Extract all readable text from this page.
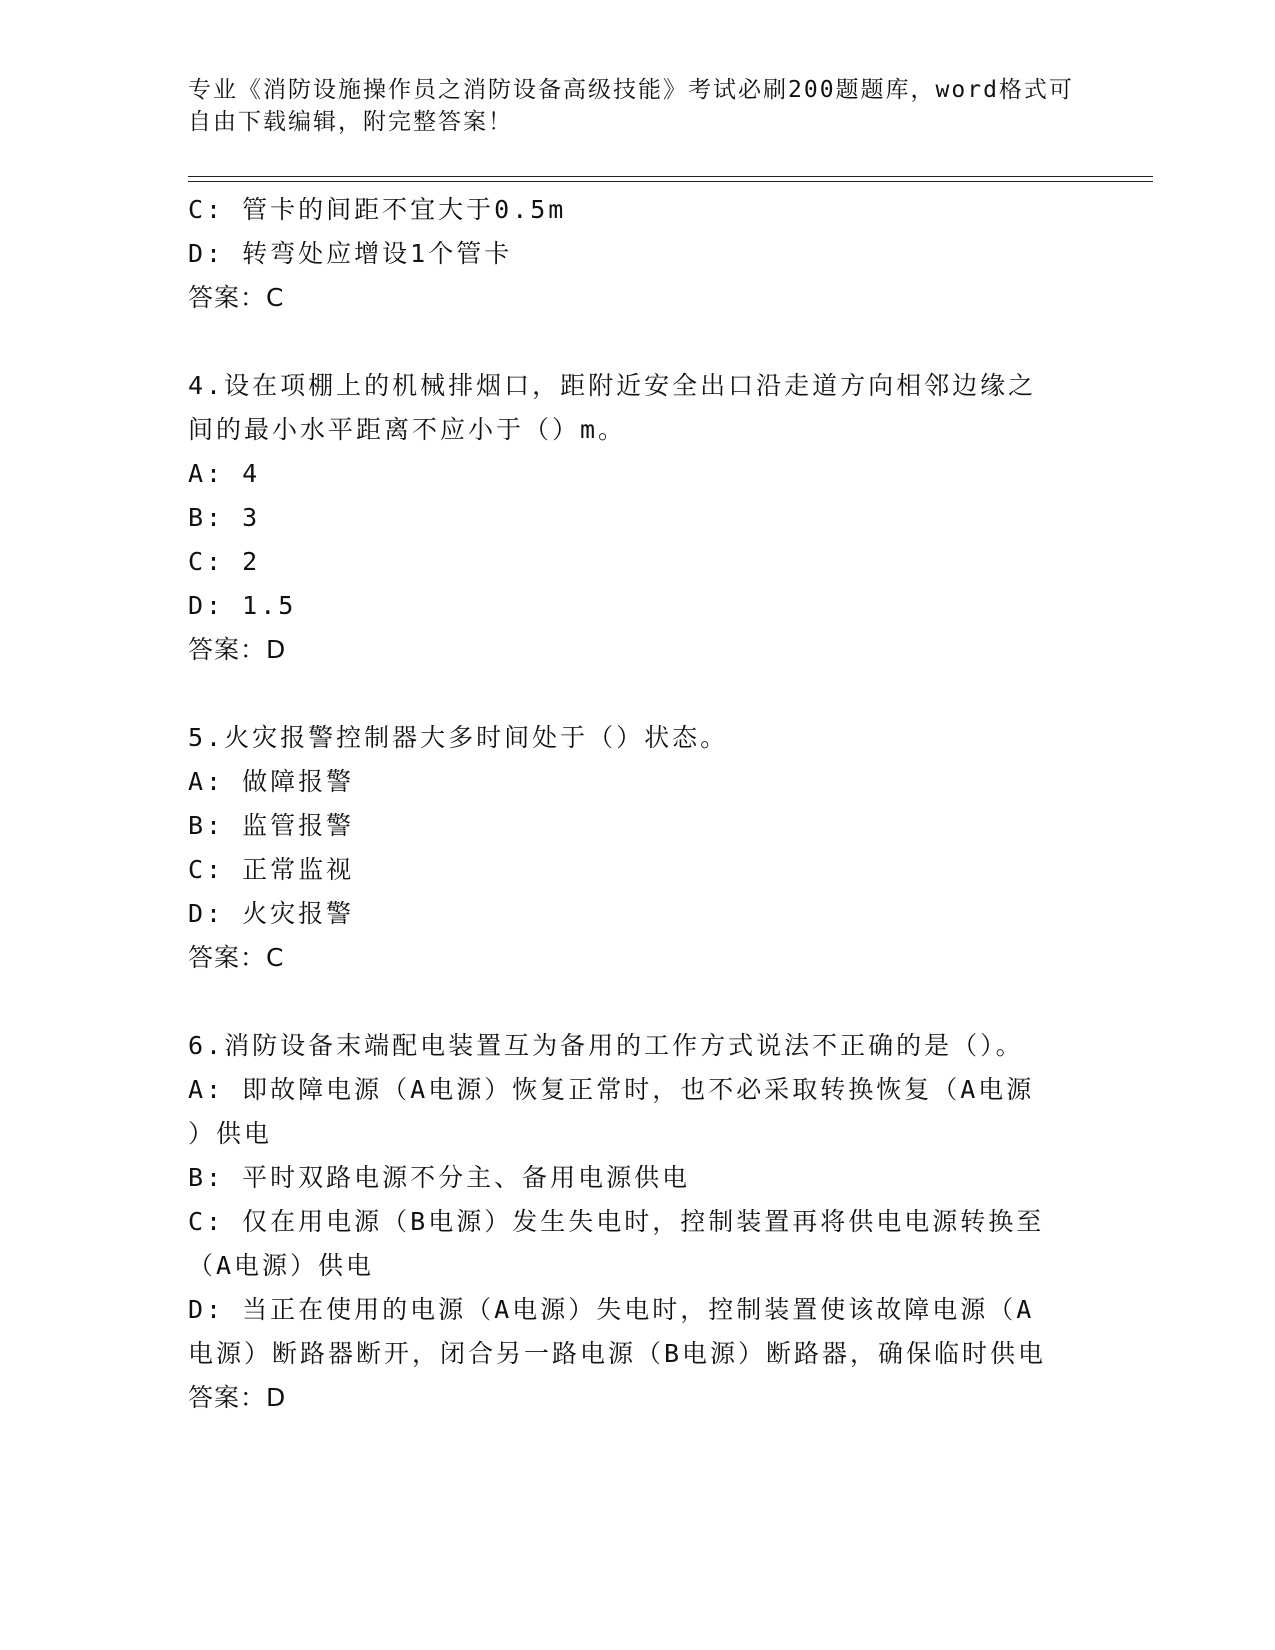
专业《消防设施操作员之消防设备高级技能》考试必刷200题题库，word格式可
自由下载编辑，附完整答案！
C: 管卡的间距不宜大于0.5m
D: 转弯处应增设1个管卡
答案：C
4.设在项棚上的机械排烟口，距附近安全出口沿走道方向相邻边缘之
间的最小水平距离不应小于（）m。
A: 4
B: 3
C: 2
D: 1.5
答案：D
5.火灾报警控制器大多时间处于（）状态。
A: 做障报警
B: 监管报警
C: 正常监视
D: 火灾报警
答案：C
6.消防设备末端配电装置互为备用的工作方式说法不正确的是（）。
A: 即故障电源（A电源）恢复正常时，也不必采取转换恢复（A电源
）供电
B: 平时双路电源不分主、备用电源供电
C: 仅在用电源（B电源）发生失电时，控制装置再将供电电源转换至
（A电源）供电
D: 当正在使用的电源（A电源）失电时，控制装置使该故障电源（A
电源）断路器断开，闭合另一路电源（B电源）断路器，确保临时供电
答案：D
